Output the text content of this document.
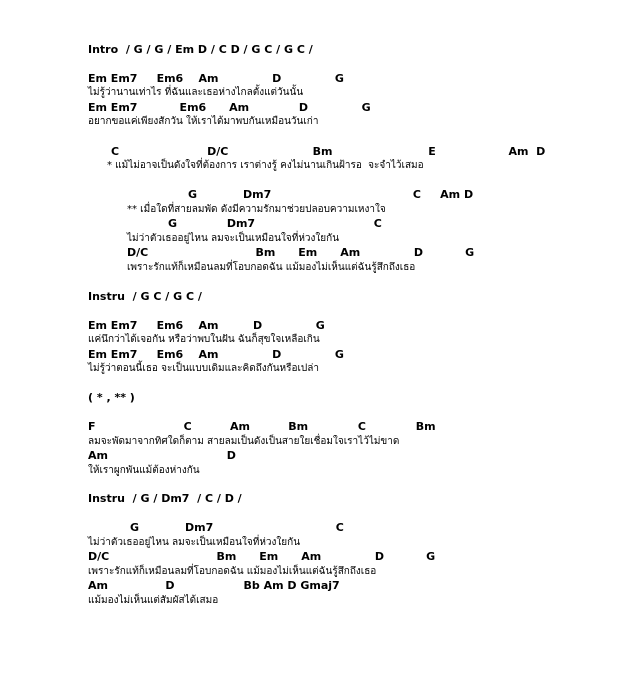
Intro  / G / G / Em D / C D / G C / G C /
Em Em7     Em6    Am              D              G
ไม่รู้ว่านานเท่าไร ที่ฉันและเธอห่างไกลตั้งแต่วันนั้น
Em Em7           Em6      Am             D              G
อยากขอแค่เพียงสักวัน ให้เราได้มาพบกันเหมือนวันเก่า
C                       D/C                      Bm                         E                   Am  D
* แม้ไม่อาจเป็นดังใจที่ต้องการ เราต่างรู้ คงไม่นานเกินฝ้ารอ  จะจำไว้เสมอ
G            Dm7                                     C     Am D
** เมื่อใดที่สายลมพัด ดังมีความรักมาช่วยปลอบความเหงาใจ
G             Dm7                               C
ไม่ว่าตัวเธออยู่ไหน ลมจะเป็นเหมือนใจที่ห่วงใยกัน
D/C                            Bm      Em      Am              D           G
เพราะรักแท้ก็เหมือนลมที่โอบกอดฉัน แม้มองไม่เห็นแต่ฉันรู้สึกถึงเธอ
Instru  / G C / G C /
Em Em7     Em6    Am         D              G
แค่นึกว่าได้เจอกัน หรือว่าพบในฝัน ฉันก็สุขใจเหลือเกิน
Em Em7     Em6    Am              D              G
ไม่รู้ว่าตอนนี้เธอ จะเป็นแบบเดิมและคิดถึงกันหรือเปล่า
( * , ** )
F                       C          Am          Bm             C             Bm
ลมจะพัดมาจากทิศใดก็ตาม สายลมเป็นดังเป็นสายใยเชื่อมใจเราไว้ไม่ขาด
Am                               D
ให้เราผูกพันแม้ต้องห่างกัน
Instru  / G / Dm7  / C / D /
G            Dm7                                C
ไม่ว่าตัวเธออยู่ไหน ลมจะเป็นเหมือนใจที่ห่วงใยกัน
D/C                            Bm      Em      Am              D           G
เพราะรักแท้ก็เหมือนลมที่โอบกอดฉัน แม้มองไม่เห็นแต่ฉันรู้สึกถึงเธอ
Am               D                  Bb Am D Gmaj7
แม้มองไม่เห็นแต่สัมผัสได้เสมอ
